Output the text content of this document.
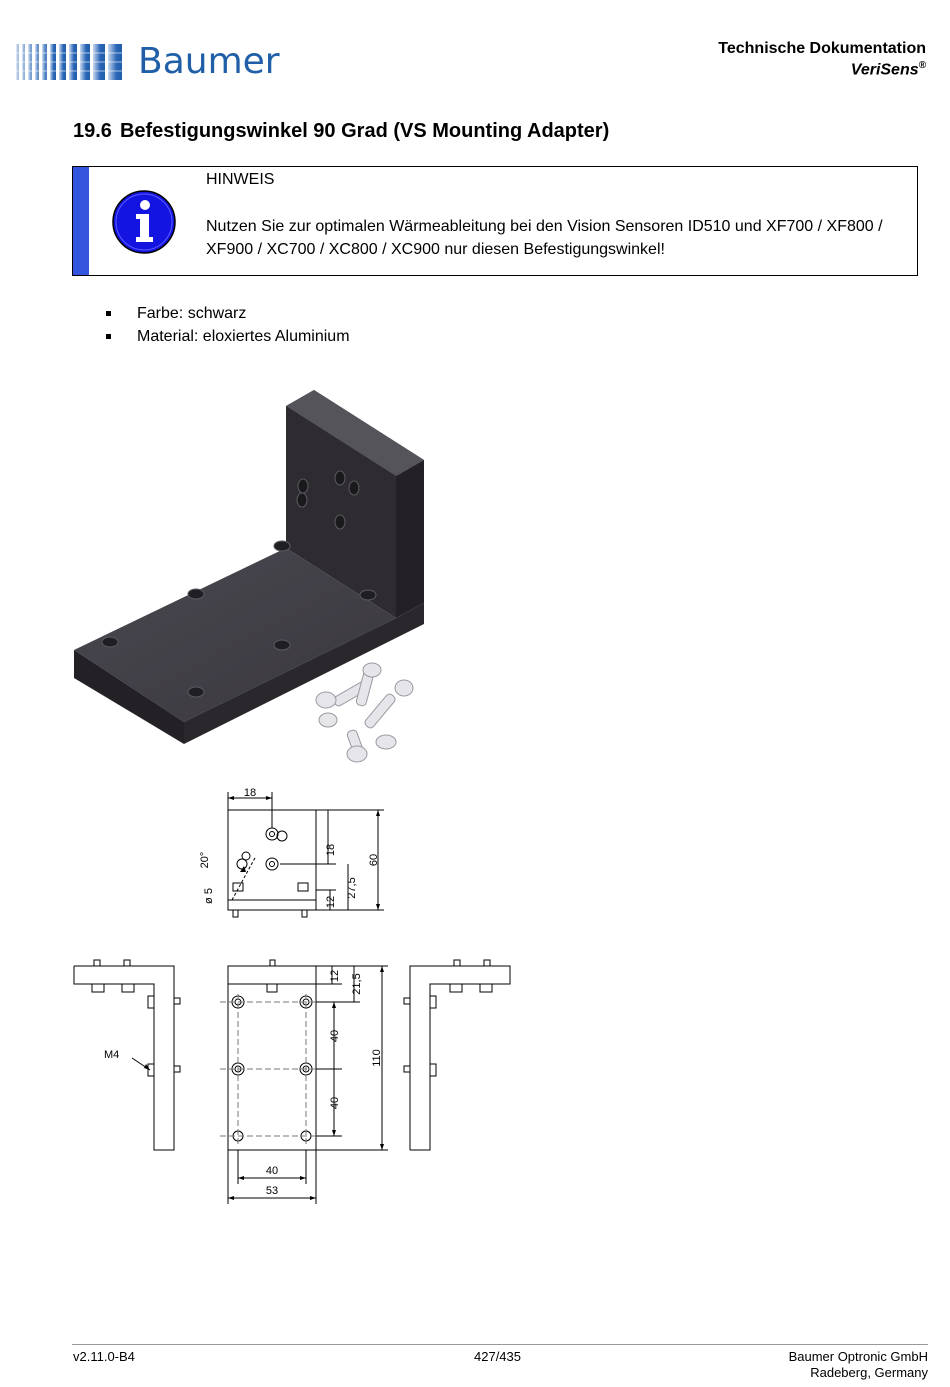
Baumer	Technische Dokumentation
VeriSens®
19.6 Befestigungswinkel 90 Grad (VS Mounting Adapter)
HINWEIS
Nutzen Sie zur optimalen Wärmeableitung bei den Vision Sensoren ID510 und XF700 / XF800 / XF900 / XC700 / XC800 / XC900 nur diesen Befestigungswinkel!
Farbe: schwarz
Material: eloxiertes Aluminium
18
20°
ø 5
18
27,5
12
60
12 21,5
40
40
110
M4
40
53
v2.11.0-B4	427/435	Baumer Optronic GmbH
Radeberg, Germany
